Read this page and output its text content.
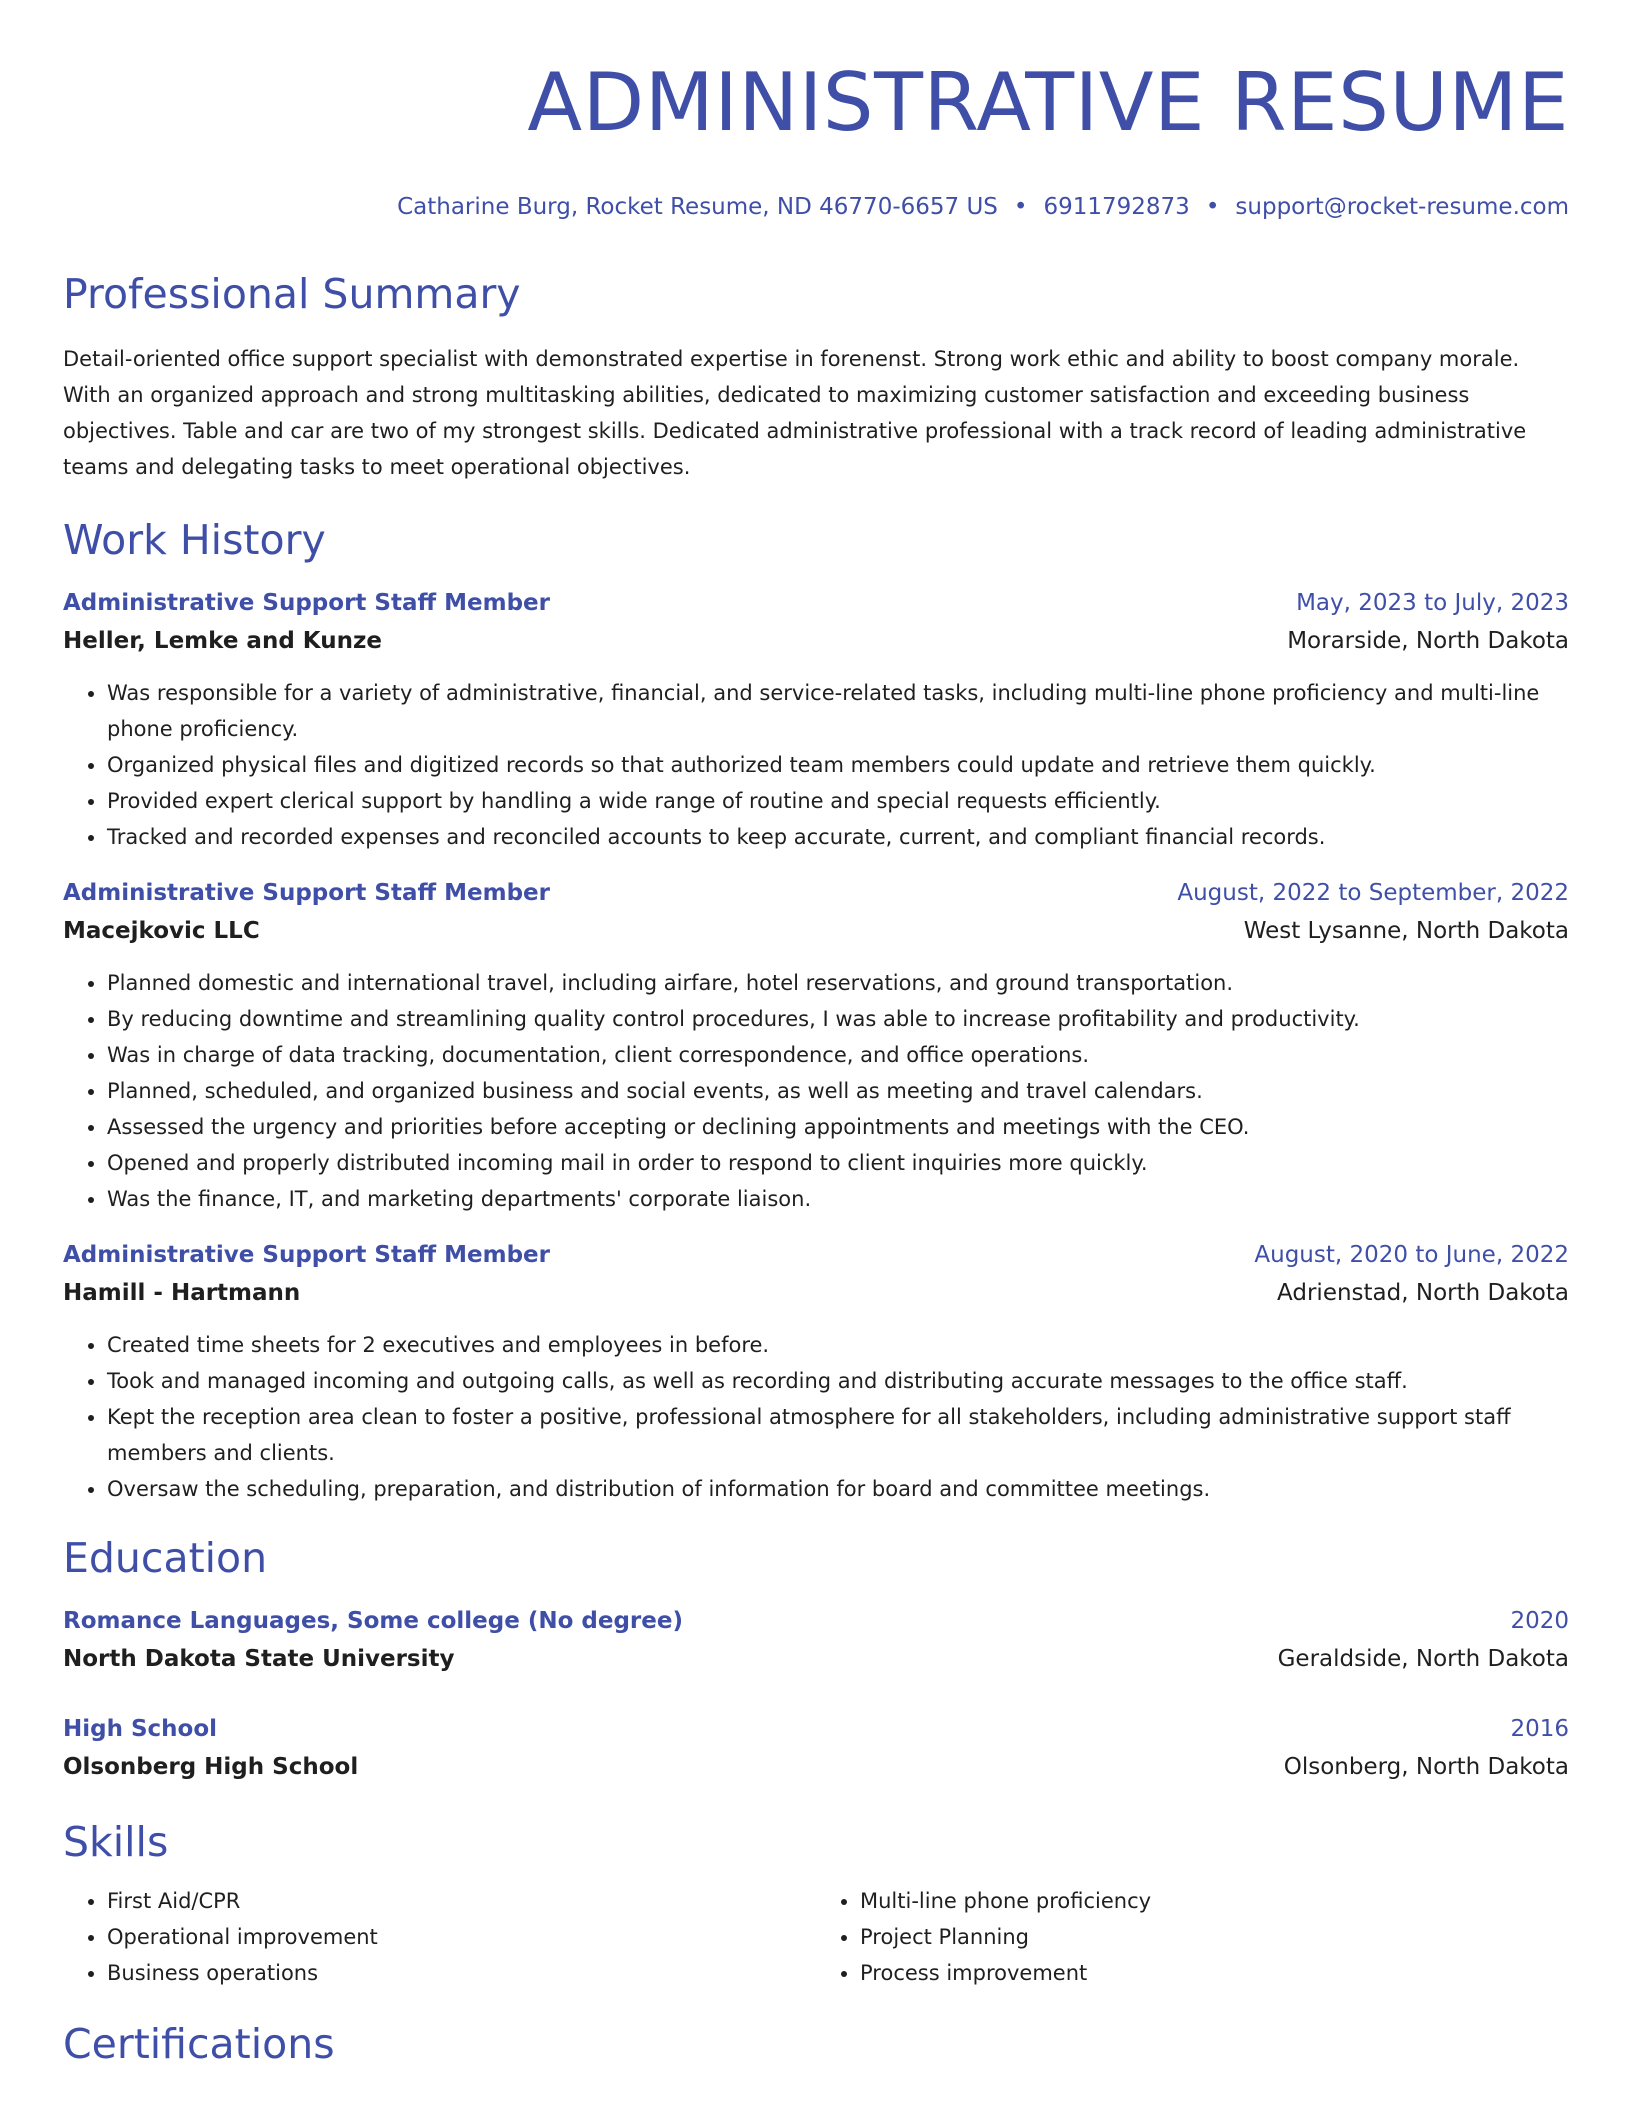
ADMINISTRATIVE RESUME
Catharine Burg, Rocket Resume, ND 46770-6657 US • 6911792873 • support@rocket-resume.com
Professional Summary
Detail-oriented office support specialist with demonstrated expertise in forenenst. Strong work ethic and ability to boost company morale. With an organized approach and strong multitasking abilities, dedicated to maximizing customer satisfaction and exceeding business objectives. Table and car are two of my strongest skills. Dedicated administrative professional with a track record of leading administrative teams and delegating tasks to meet operational objectives.
Work History
Administrative Support Staff Member	May, 2023 to July, 2023
Heller, Lemke and Kunze	Morarside, North Dakota
• Was responsible for a variety of administrative, financial, and service-related tasks, including multi-line phone proficiency and multi-line phone proficiency.
• Organized physical files and digitized records so that authorized team members could update and retrieve them quickly.
• Provided expert clerical support by handling a wide range of routine and special requests efficiently.
• Tracked and recorded expenses and reconciled accounts to keep accurate, current, and compliant financial records.
Administrative Support Staff Member	August, 2022 to September, 2022
Macejkovic LLC	West Lysanne, North Dakota
• Planned domestic and international travel, including airfare, hotel reservations, and ground transportation.
• By reducing downtime and streamlining quality control procedures, I was able to increase profitability and productivity.
• Was in charge of data tracking, documentation, client correspondence, and office operations.
• Planned, scheduled, and organized business and social events, as well as meeting and travel calendars.
• Assessed the urgency and priorities before accepting or declining appointments and meetings with the CEO.
• Opened and properly distributed incoming mail in order to respond to client inquiries more quickly.
• Was the finance, IT, and marketing departments' corporate liaison.
Administrative Support Staff Member	August, 2020 to June, 2022
Hamill - Hartmann	Adrienstad, North Dakota
• Created time sheets for 2 executives and employees in before.
• Took and managed incoming and outgoing calls, as well as recording and distributing accurate messages to the office staff.
• Kept the reception area clean to foster a positive, professional atmosphere for all stakeholders, including administrative support staff members and clients.
• Oversaw the scheduling, preparation, and distribution of information for board and committee meetings.
Education
Romance Languages, Some college (No degree)	2020
North Dakota State University	Geraldside, North Dakota
High School	2016
Olsonberg High School	Olsonberg, North Dakota
Skills
• First Aid/CPR
• Operational improvement
• Business operations
• Multi-line phone proficiency
• Project Planning
• Process improvement
Certifications
